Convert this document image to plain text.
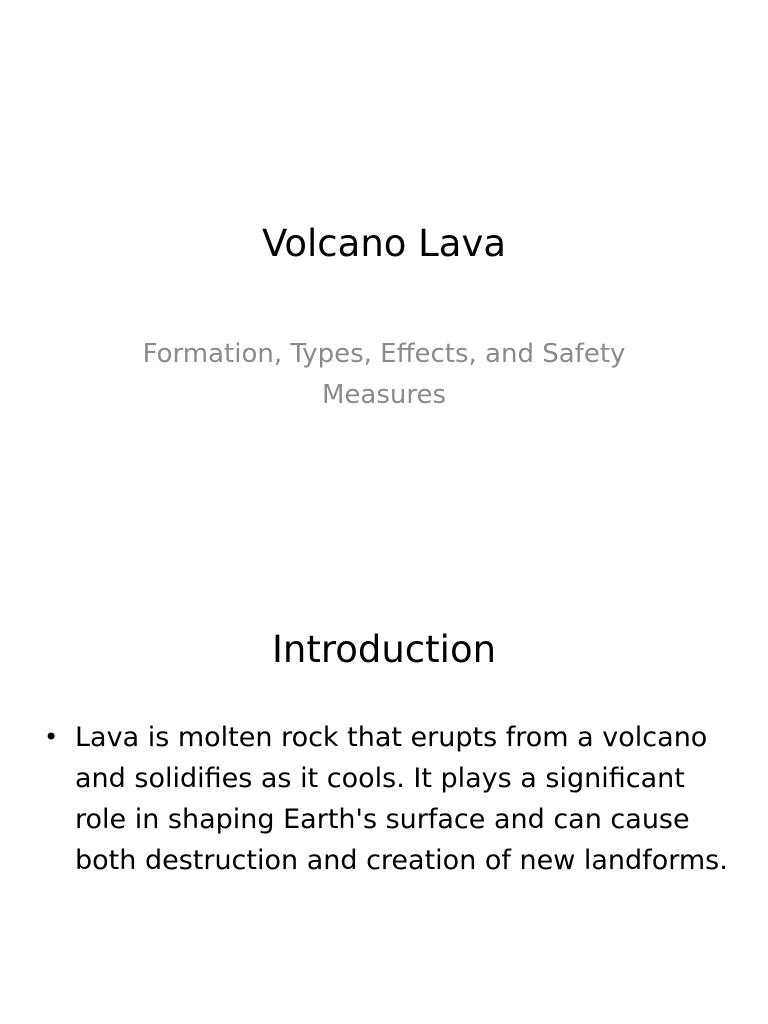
Volcano Lava

Formation, Types, Effects, and Safety Measures

Introduction
• Lava is molten rock that erupts from a volcano and solidifies as it cools. It plays a significant role in shaping Earth's surface and can cause both destruction and creation of new landforms.
